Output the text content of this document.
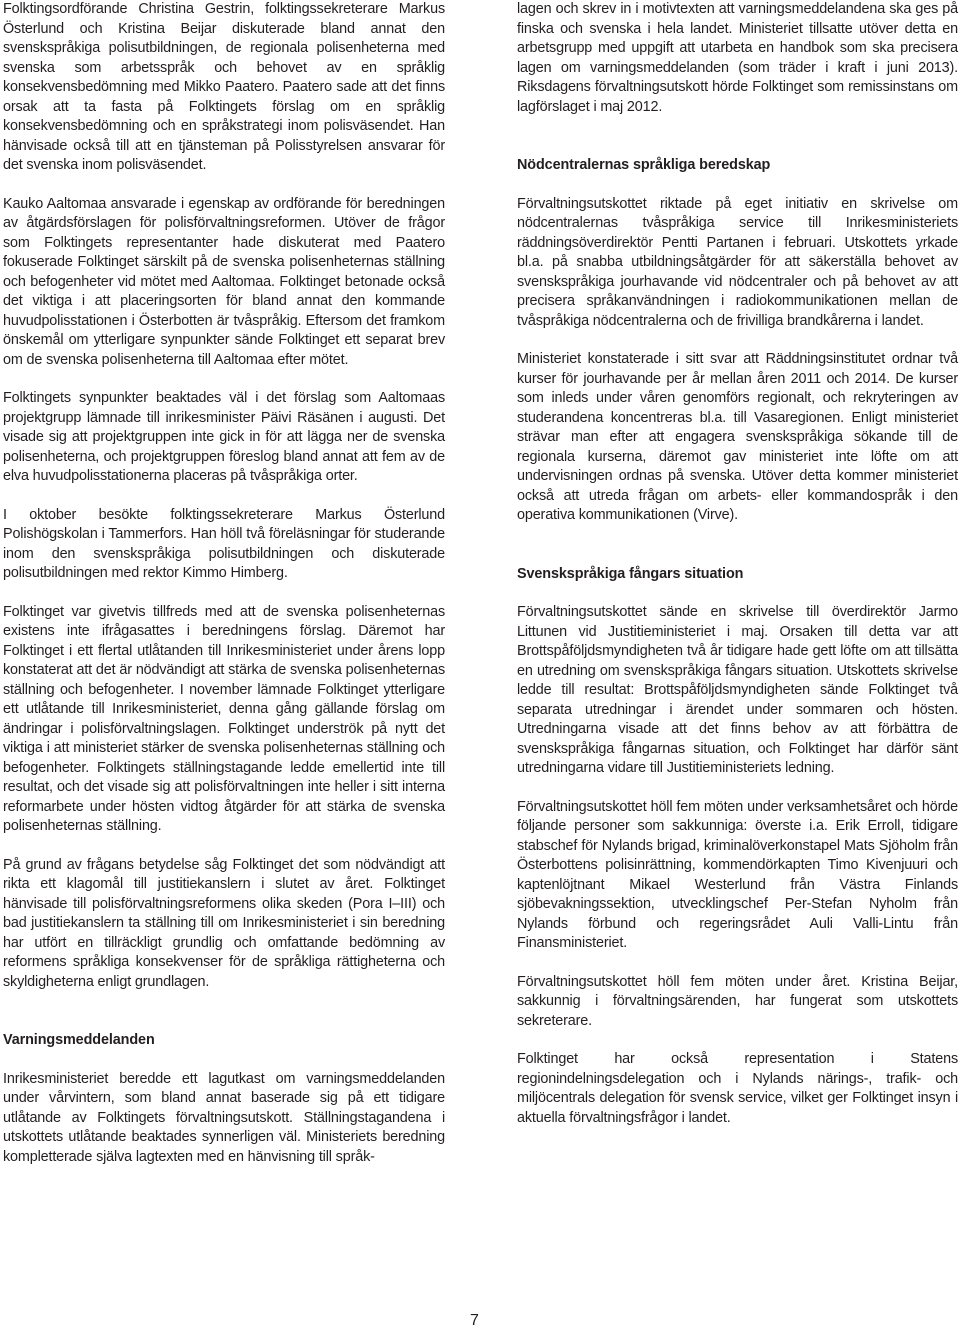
Folktingsordförande Christina Gestrin, folktingssekreterare Markus Österlund och Kristina Beijar diskuterade bland annat den svenskspråkiga polisutbildningen, de regionala polisenheterna med svenska som arbetsspråk och behovet av en språklig konsekvensbedömning med Mikko Paatero. Paatero sade att det finns orsak att ta fasta på Folktingets förslag om en språklig konsekvensbedömning och en språkstrategi inom polisväsendet. Han hänvisade också till att en tjänsteman på Polisstyrelsen ansvarar för det svenska inom polisväsendet.

Kauko Aaltomaa ansvarade i egenskap av ordförande för beredningen av åtgärdsförslagen för polisförvaltningsreformen. Utöver de frågor som Folktingets representanter hade diskuterat med Paatero fokuserade Folktinget särskilt på de svenska polisenheternas ställning och befogenheter vid mötet med Aaltomaa. Folktinget betonade också det viktiga i att placeringsorten för bland annat den kommande huvudpolisstationen i Österbotten är tvåspråkig. Eftersom det framkom önskemål om ytterligare synpunkter sände Folktinget ett separat brev om de svenska polisenheterna till Aaltomaa efter mötet.

Folktingets synpunkter beaktades väl i det förslag som Aaltomaas projektgrupp lämnade till inrikesminister Päivi Räsänen i augusti. Det visade sig att projektgruppen inte gick in för att lägga ner de svenska polisenheterna, och projektgruppen föreslog bland annat att fem av de elva huvudpolisstationerna placeras på tvåspråkiga orter.

I oktober besökte folktingssekreterare Markus Österlund Polishögskolan i Tammerfors. Han höll två föreläsningar för studerande inom den svenskspråkiga polisutbildningen och diskuterade polisutbildningen med rektor Kimmo Himberg.

Folktinget var givetvis tillfreds med att de svenska polisenheternas existens inte ifrågasattes i beredningens förslag. Däremot har Folktinget i ett flertal utlåtanden till Inrikesministeriet under årens lopp konstaterat att det är nödvändigt att stärka de svenska polisenheternas ställning och befogenheter. I november lämnade Folktinget ytterligare ett utlåtande till Inrikesministeriet, denna gång gällande förslag om ändringar i polisförvaltningslagen. Folktinget underströk på nytt det viktiga i att ministeriet stärker de svenska polisenheternas ställning och befogenheter. Folktingets ställningstagande ledde emellertid inte till resultat, och det visade sig att polisförvaltningen inte heller i sitt interna reformarbete under hösten vidtog åtgärder för att stärka de svenska polisenheternas ställning.

På grund av frågans betydelse såg Folktinget det som nödvändigt att rikta ett klagomål till justitiekanslern i slutet av året. Folktinget hänvisade till polisförvaltningsreformens olika skeden (Pora I–III) och bad justitiekanslern ta ställning till om Inrikesministeriet i sin beredning har utfört en tillräckligt grundlig och omfattande bedömning av reformens språkliga konsekvenser för de språkliga rättigheterna och skyldigheterna enligt grundlagen.

Varningsmeddelanden

Inrikesministeriet beredde ett lagutkast om varningsmeddelanden under vårvintern, som bland annat baserade sig på ett tidigare utlåtande av Folktingets förvaltningsutskott. Ställningstagandena i utskottets utlåtande beaktades synnerligen väl. Ministeriets beredning kompletterade själva lagtexten med en hänvisning till språk-

lagen och skrev in i motivtexten att varningsmeddelandena ska ges på finska och svenska i hela landet. Ministeriet tillsatte utöver detta en arbetsgrupp med uppgift att utarbeta en handbok som ska precisera lagen om varningsmeddelanden (som träder i kraft i juni 2013). Riksdagens förvaltningsutskott hörde Folktinget som remissinstans om lagförslaget i maj 2012.

Nödcentralernas språkliga beredskap

Förvaltningsutskottet riktade på eget initiativ en skrivelse om nödcentralernas tvåspråkiga service till Inrikesministeriets räddningsöverdirektör Pentti Partanen i februari. Utskottets yrkade bl.a. på snabba utbildningsåtgärder för att säkerställa behovet av svenskspråkiga jourhavande vid nödcentraler och på behovet av att precisera språkanvändningen i radiokommunikationen mellan de tvåspråkiga nödcentralerna och de frivilliga brandkårerna i landet.

Ministeriet konstaterade i sitt svar att Räddningsinstitutet ordnar två kurser för jourhavande per år mellan åren 2011 och 2014. De kurser som inleds under våren genomförs regionalt, och rekryteringen av studerandena koncentreras bl.a. till Vasaregionen. Enligt ministeriet strävar man efter att engagera svenskspråkiga sökande till de regionala kurserna, däremot gav ministeriet inte löfte om att undervisningen ordnas på svenska. Utöver detta kommer ministeriet också att utreda frågan om arbets- eller kommandospråk i den operativa kommunikationen (Virve).

Svenskspråkiga fångars situation

Förvaltningsutskottet sände en skrivelse till överdirektör Jarmo Littunen vid Justitieministeriet i maj. Orsaken till detta var att Brottspåföljdsmyndigheten två år tidigare hade gett löfte om att tillsätta en utredning om svenskspråkiga fångars situation. Utskottets skrivelse ledde till resultat: Brottspåföljdsmyndigheten sände Folktinget två separata utredningar i ärendet under sommaren och hösten. Utredningarna visade att det finns behov av att förbättra de svenskspråkiga fångarnas situation, och Folktinget har därför sänt utredningarna vidare till Justitieministeriets ledning.

Förvaltningsutskottet höll fem möten under verksamhetsåret och hörde följande personer som sakkunniga: överste i.a. Erik Erroll, tidigare stabschef för Nylands brigad, kriminalöverkonstapel Mats Sjöholm från Österbottens polisinrättning, kommendörkapten Timo Kivenjuuri och kaptenlöjtnant Mikael Westerlund från Västra Finlands sjöbevakningssektion, utvecklingschef Per-Stefan Nyholm från Nylands förbund och regeringsrådet Auli Valli-Lintu från Finansministeriet.

Förvaltningsutskottet höll fem möten under året. Kristina Beijar, sakkunnig i förvaltningsärenden, har fungerat som utskottets sekreterare.

Folktinget har också representation i Statens regionindelningsdelegation och i Nylands närings-, trafik- och miljöcentrals delegation för svensk service, vilket ger Folktinget insyn i aktuella förvaltningsfrågor i landet.

7
